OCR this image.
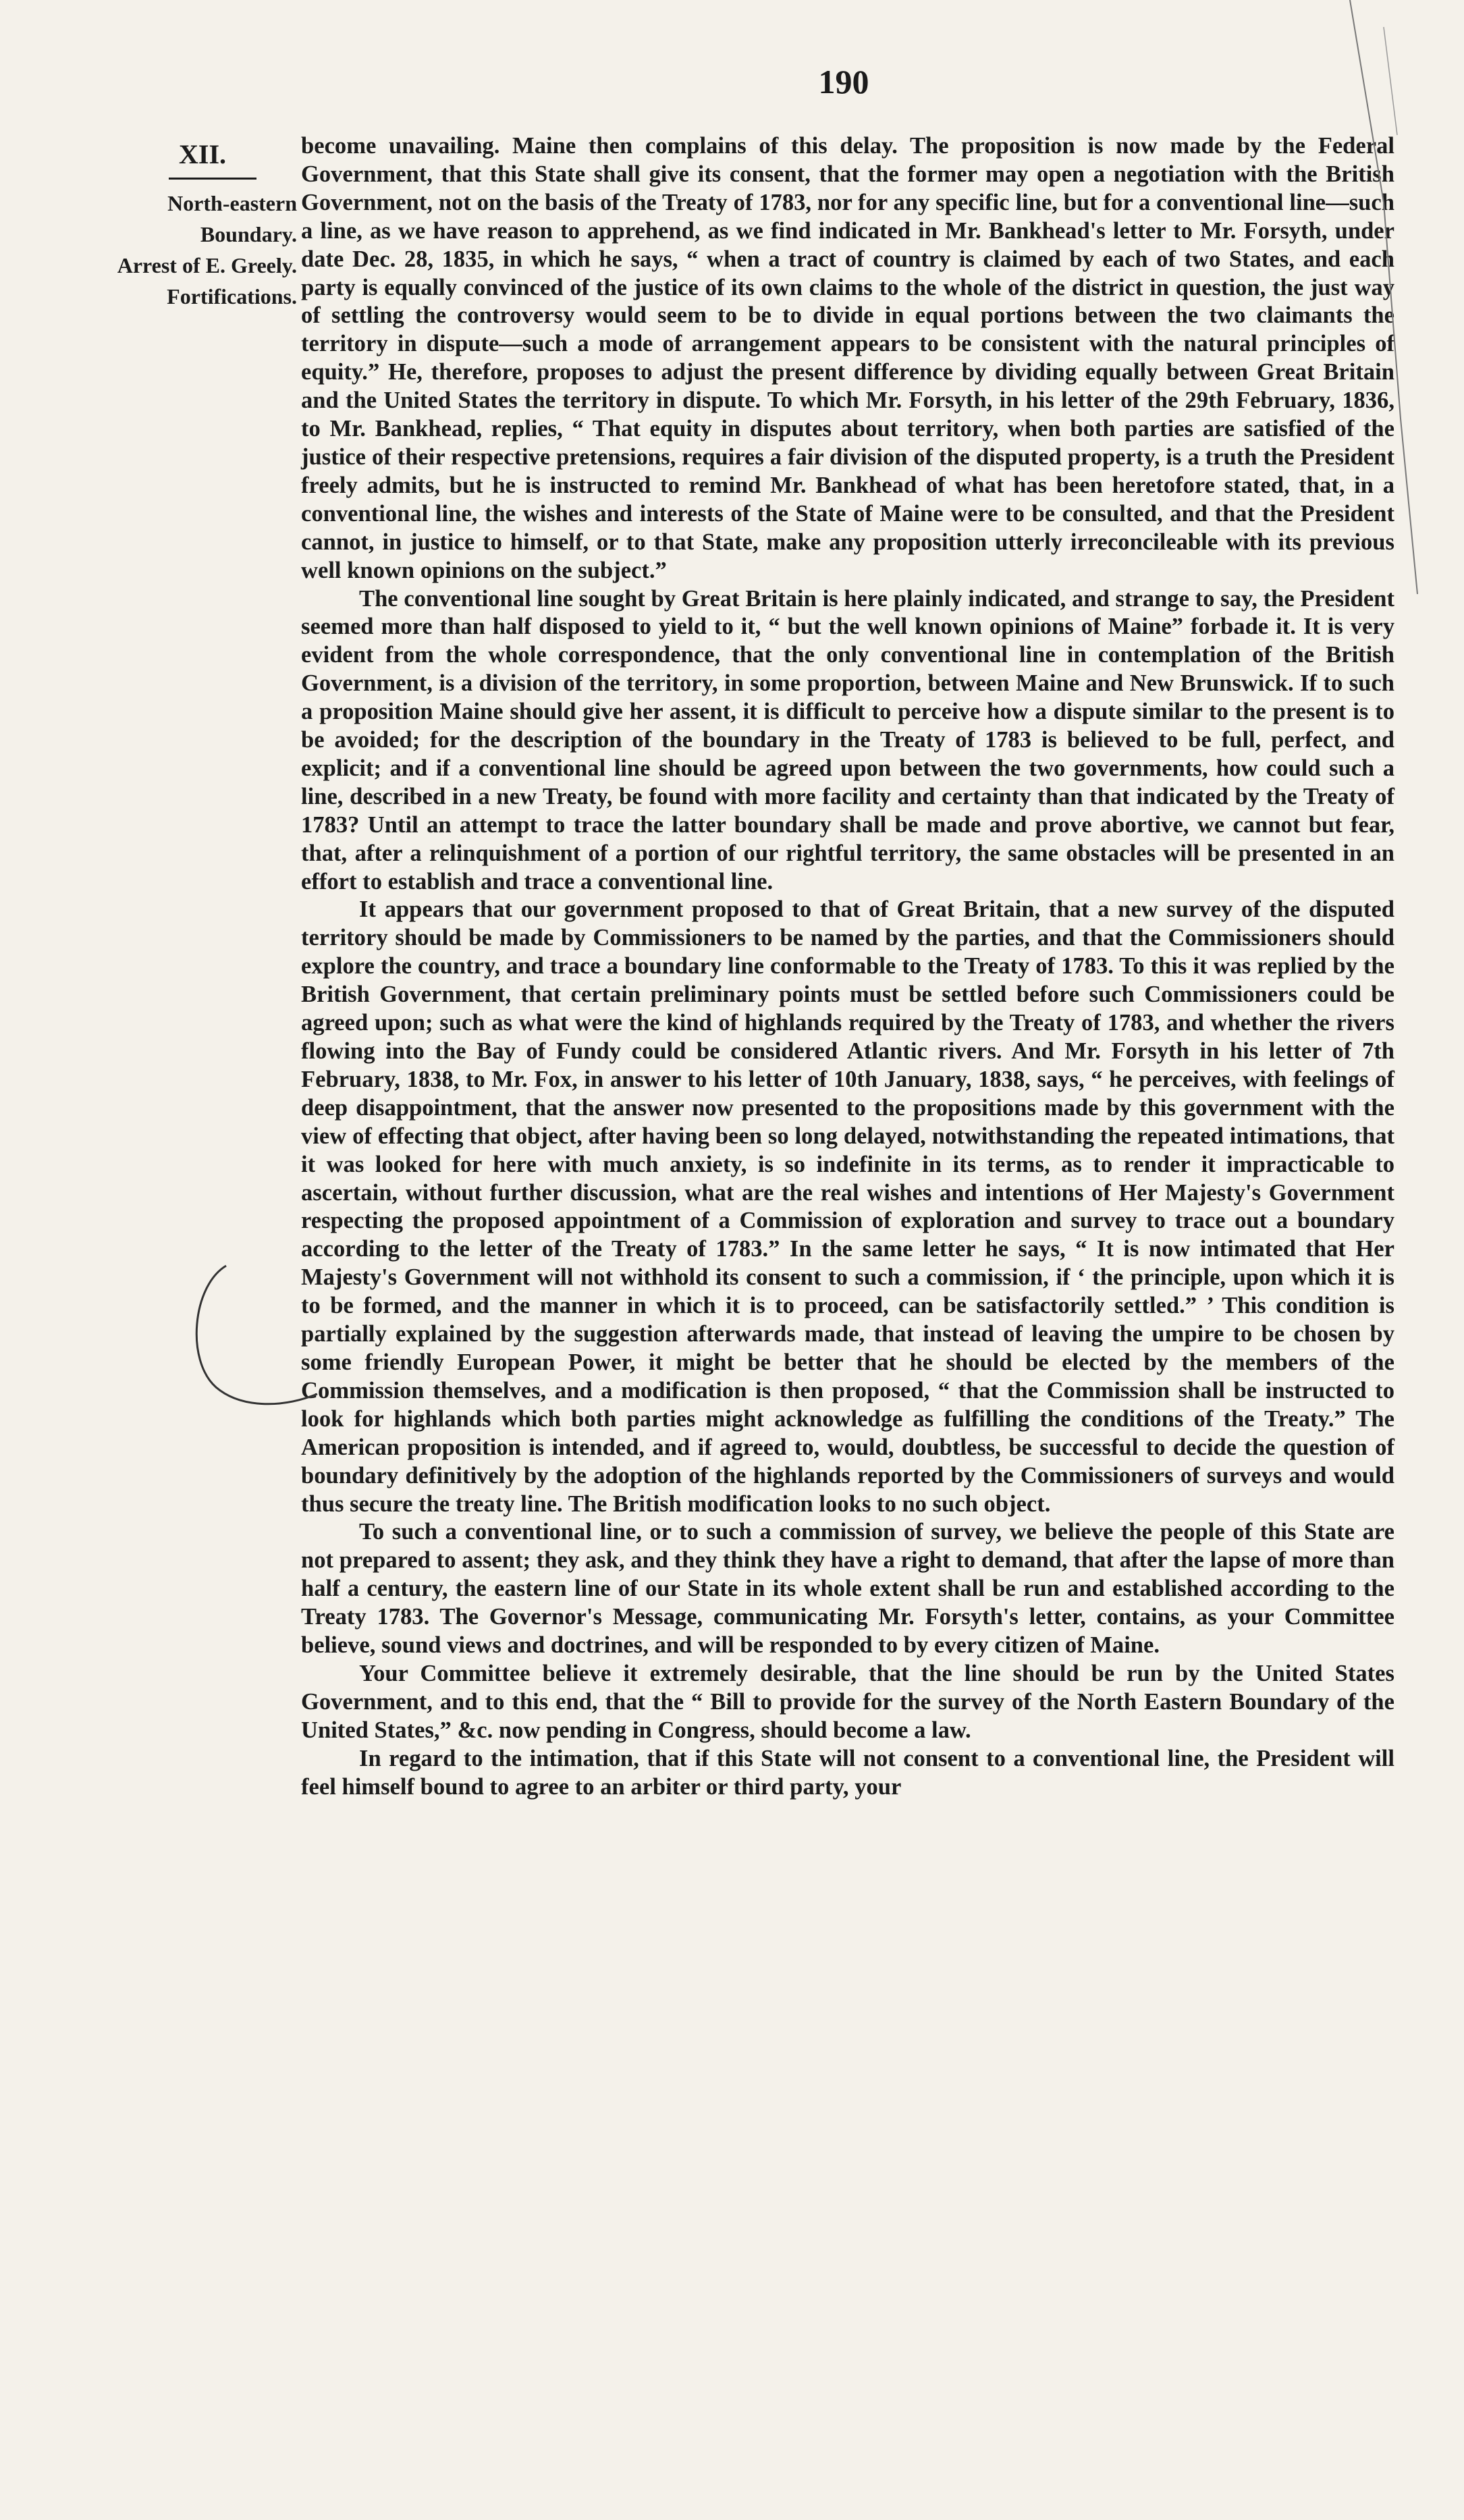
190
XII.
North-eastern
Boundary.
Arrest of E. Greely.
Fortifications.

become unavailing. Maine then complains of this delay. The proposition is now made by the Federal Government, that this State shall give its consent, that the former may open a negotiation with the British Government, not on the basis of the Treaty of 1783, nor for any specific line, but for a conventional line—such a line, as we have reason to apprehend, as we find indicated in Mr. Bankhead's letter to Mr. Forsyth, under date Dec. 28, 1835, in which he says, “ when a tract of country is claimed by each of two States, and each party is equally convinced of the justice of its own claims to the whole of the district in question, the just way of settling the controversy would seem to be to divide in equal portions between the two claimants the territory in dispute—such a mode of arrangement appears to be consistent with the natural principles of equity.” He, therefore, proposes to adjust the present difference by dividing equally between Great Britain and the United States the territory in dispute. To which Mr. Forsyth, in his letter of the 29th February, 1836, to Mr. Bankhead, replies, “ That equity in disputes about territory, when both parties are satisfied of the justice of their respective pretensions, requires a fair division of the disputed property, is a truth the President freely admits, but he is instructed to remind Mr. Bankhead of what has been heretofore stated, that, in a conventional line, the wishes and interests of the State of Maine were to be consulted, and that the President cannot, in justice to himself, or to that State, make any proposition utterly irreconcileable with its previous well known opinions on the subject.”

The conventional line sought by Great Britain is here plainly indicated, and strange to say, the President seemed more than half disposed to yield to it, “ but the well known opinions of Maine” forbade it. It is very evident from the whole correspondence, that the only conventional line in contemplation of the British Government, is a division of the territory, in some proportion, between Maine and New Brunswick. If to such a proposition Maine should give her assent, it is difficult to perceive how a dispute similar to the present is to be avoided; for the description of the boundary in the Treaty of 1783 is believed to be full, perfect, and explicit; and if a conventional line should be agreed upon between the two governments, how could such a line, described in a new Treaty, be found with more facility and certainty than that indicated by the Treaty of 1783? Until an attempt to trace the latter boundary shall be made and prove abortive, we cannot but fear, that, after a relinquishment of a portion of our rightful territory, the same obstacles will be presented in an effort to establish and trace a conventional line.

It appears that our government proposed to that of Great Britain, that a new survey of the disputed territory should be made by Commissioners to be named by the parties, and that the Commissioners should explore the country, and trace a boundary line conformable to the Treaty of 1783. To this it was replied by the British Government, that certain preliminary points must be settled before such Commissioners could be agreed upon; such as what were the kind of highlands required by the Treaty of 1783, and whether the rivers flowing into the Bay of Fundy could be considered Atlantic rivers. And Mr. Forsyth in his letter of 7th February, 1838, to Mr. Fox, in answer to his letter of 10th January, 1838, says, “ he perceives, with feelings of deep disappointment, that the answer now presented to the propositions made by this government with the view of effecting that object, after having been so long delayed, notwithstanding the repeated intimations, that it was looked for here with much anxiety, is so indefinite in its terms, as to render it impracticable to ascertain, without further discussion, what are the real wishes and intentions of Her Majesty's Government respecting the proposed appointment of a Commission of exploration and survey to trace out a boundary according to the letter of the Treaty of 1783.” In the same letter he says, “ It is now intimated that Her Majesty's Government will not withhold its consent to such a commission, if ‘ the principle, upon which it is to be formed, and the manner in which it is to proceed, can be satisfactorily settled.” ’ This condition is partially explained by the suggestion afterwards made, that instead of leaving the umpire to be chosen by some friendly European Power, it might be better that he should be elected by the members of the Commission themselves, and a modification is then proposed, “ that the Commission shall be instructed to look for highlands which both parties might acknowledge as fulfilling the conditions of the Treaty.” The American proposition is intended, and if agreed to, would, doubtless, be successful to decide the question of boundary definitively by the adoption of the highlands reported by the Commissioners of surveys and would thus secure the treaty line. The British modification looks to no such object.

To such a conventional line, or to such a commission of survey, we believe the people of this State are not prepared to assent; they ask, and they think they have a right to demand, that after the lapse of more than half a century, the eastern line of our State in its whole extent shall be run and established according to the Treaty 1783. The Governor's Message, communicating Mr. Forsyth's letter, contains, as your Committee believe, sound views and doctrines, and will be responded to by every citizen of Maine.

Your Committee believe it extremely desirable, that the line should be run by the United States Government, and to this end, that the “ Bill to provide for the survey of the North Eastern Boundary of the United States,” &c. now pending in Congress, should become a law.

In regard to the intimation, that if this State will not consent to a conventional line, the President will feel himself bound to agree to an arbiter or third party, your
